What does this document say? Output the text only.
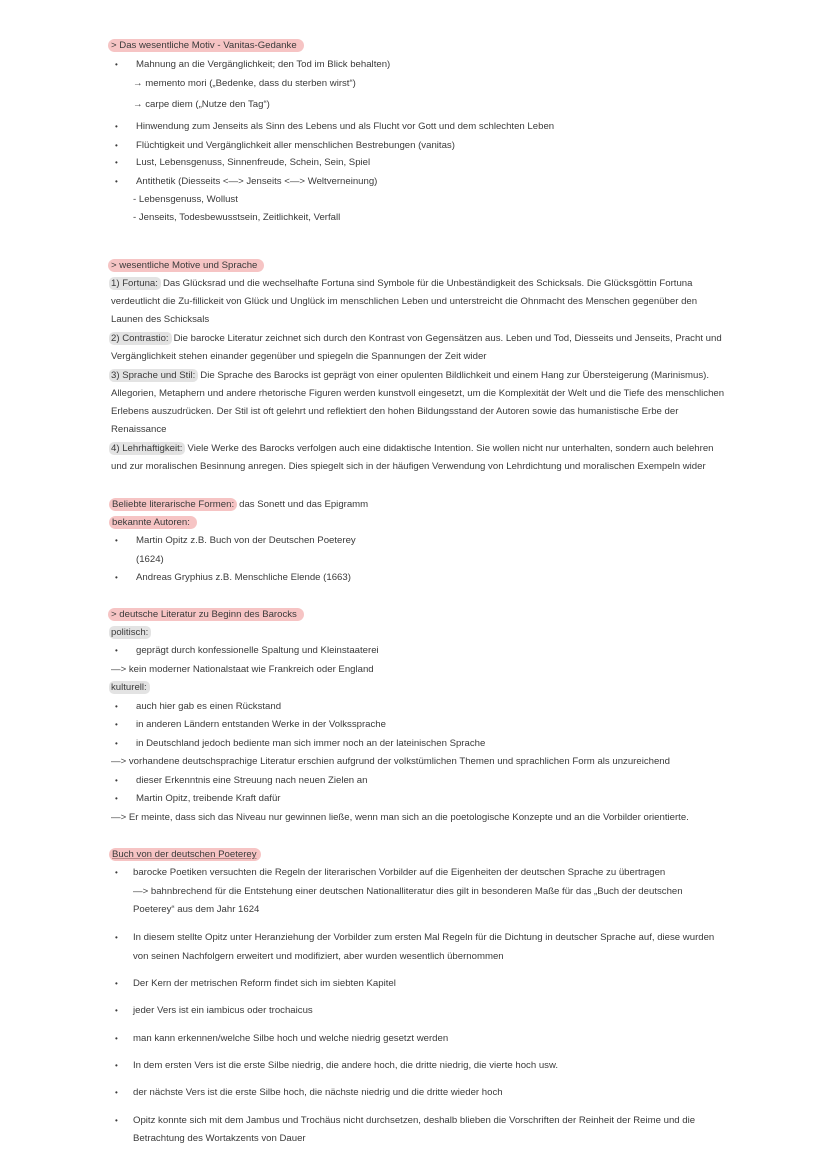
> Das wesentliche Motiv - Vanitas-Gedanke
• Mahnung an die Vergänglichkeit; den Tod im Blick behalten)
→ memento mori („Bedenke, dass du sterben wirst“)
→ carpe diem („Nutze den Tag“)
• Hinwendung zum Jenseits als Sinn des Lebens und als Flucht vor Gott und dem schlechten Leben
• Flüchtigkeit und Vergänglichkeit aller menschlichen Bestrebungen (vanitas)
• Lust, Lebensgenuss, Sinnenfreude, Schein, Sein, Spiel
• Antithetik (Diesseits <—> Jenseits <—> Weltverneinung)
- Lebensgenuss, Wollust
- Jenseits, Todesbewusstsein, Zeitlichkeit, Verfall
> wesentliche Motive und Sprache
1) Fortuna: Das Glücksrad und die wechselhafte Fortuna sind Symbole für die Unbeständigkeit des Schicksals. Die Glücksgöttin Fortuna
verdeutlicht die Zu-fillickeit von Glück und Unglück im menschlichen Leben und unterstreicht die Ohnmacht des Menschen gegenüber den
Launen des Schicksals
2) Contrastio: Die barocke Literatur zeichnet sich durch den Kontrast von Gegensätzen aus. Leben und Tod, Diesseits und Jenseits, Pracht und
Vergänglichkeit stehen einander gegenüber und spiegeln die Spannungen der Zeit wider
3) Sprache und Stil: Die Sprache des Barocks ist geprägt von einer opulenten Bildlichkeit und einem Hang zur Übersteigerung (Marinismus).
Allegorien, Metaphern und andere rhetorische Figuren werden kunstvoll eingesetzt, um die Komplexität der Welt und die Tiefe des menschlichen
Erlebens auszudrücken. Der Stil ist oft gelehrt und reflektiert den hohen Bildungsstand der Autoren sowie das humanistische Erbe der
Renaissance
4) Lehrhaftigkeit: Viele Werke des Barocks verfolgen auch eine didaktische Intention. Sie wollen nicht nur unterhalten, sondern auch belehren
und zur moralischen Besinnung anregen. Dies spiegelt sich in der häufigen Verwendung von Lehrdichtung und moralischen Exempeln wider
Beliebte literarische Formen: das Sonett und das Epigramm
bekannte Autoren:
• Martin Opitz z.B. Buch von der Deutschen Poeterey
(1624)
• Andreas Gryphius z.B. Menschliche Elende (1663)
> deutsche Literatur zu Beginn des Barocks
politisch:
• geprägt durch konfessionelle Spaltung und Kleinstaaterei
—> kein moderner Nationalstaat wie Frankreich oder England
kulturell:
• auch hier gab es einen Rückstand
• in anderen Ländern entstanden Werke in der Volkssprache
• in Deutschland jedoch bediente man sich immer noch an der lateinischen Sprache
—> vorhandene deutschsprachige Literatur erschien aufgrund der volkstümlichen Themen und sprachlichen Form als unzureichend
• dieser Erkenntnis eine Streuung nach neuen Zielen an
• Martin Opitz, treibende Kraft dafür
—> Er meinte, dass sich das Niveau nur gewinnen ließe, wenn man sich an die poetologische Konzepte und an die Vorbilder orientierte.
Buch von der deutschen Poeterey
• barocke Poetiken versuchten die Regeln der literarischen Vorbilder auf die Eigenheiten der deutschen Sprache zu übertragen
—> bahnbrechend für die Entstehung einer deutschen Nationalliteratur dies gilt in besonderen Maße für das „Buch der deutschen
Poeterey“ aus dem Jahr 1624
• In diesem stellte Opitz unter Heranziehung der Vorbilder zum ersten Mal Regeln für die Dichtung in deutscher Sprache auf, diese wurden
von seinen Nachfolgern erweitert und modifiziert, aber wurden wesentlich übernommen
• Der Kern der metrischen Reform findet sich im siebten Kapitel
• jeder Vers ist ein iambicus oder trochaicus
• man kann erkennen/welche Silbe hoch und welche niedrig gesetzt werden
• In dem ersten Vers ist die erste Silbe niedrig, die andere hoch, die dritte niedrig, die vierte hoch usw.
• der nächste Vers ist die erste Silbe hoch, die nächste niedrig und die dritte wieder hoch
• Opitz konnte sich mit dem Jambus und Trochäus nicht durchsetzen, deshalb blieben die Vorschriften der Reinheit der Reime und die
Betrachtung des Wortakzents von Dauer
